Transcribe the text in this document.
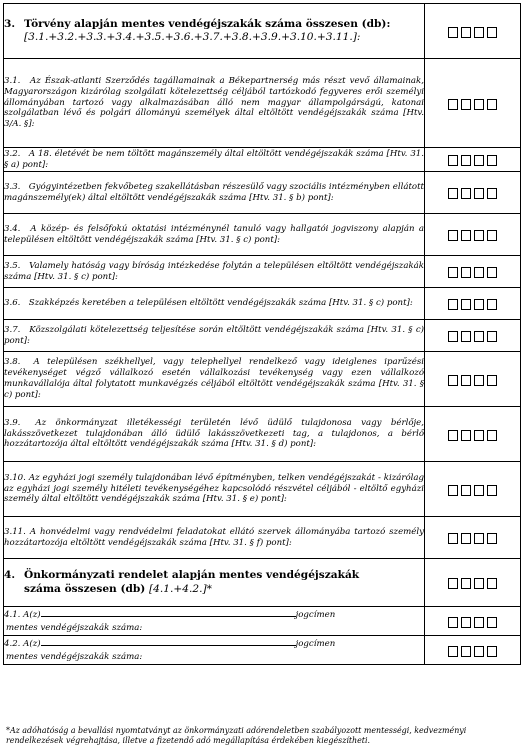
3. Törvény alapján mentes vendégéjszakák száma összesen (db):
[3.1.+3.2.+3.3.+3.4.+3.5.+3.6.+3.7.+3.8.+3.9.+3.10.+3.11.]:	

3.1. Az Észak-atlanti Szerződés tagállamainak a Békepartnerség más részt vevő államainak, Magyarországon kizárólag szolgálati kötelezettség céljából tartózkodó fegyveres erői személyi állományában tartozó vagy alkalmazásában álló nem magyar állampolgárságú, katonai szolgálatban lévő és polgári állományú személyek által eltöltött vendégéjszakák száma [Htv. 3/A. §]:	

3.2. A 18. életévét be nem töltött magánszemély által eltöltött vendégéjszakák száma [Htv. 31. § a) pont]:	

3.3. Gyógyintézetben fekvőbeteg szakellátásban részesülő vagy szociális intézményben ellátott magánszemély(ek) által eltöltött vendégéjszakák száma [Htv. 31. § b) pont]:	

3.4. A közép- és felsőfokú oktatási intézménynél tanuló vagy hallgatói jogviszony alapján a településen eltöltött vendégéjszakák száma [Htv. 31. § c) pont]:	

3.5. Valamely hatóság vagy bíróság intézkedése folytán a településen eltöltött vendégéjszakák száma [Htv. 31. § c) pont]:	

3.6. Szakképzés keretében a településen eltöltött vendégéjszakák száma [Htv. 31. § c) pont]:	

3.7. Közszolgálati kötelezettség teljesítése során eltöltött vendégéjszakák száma [Htv. 31. § c) pont]:	

3.8. A településen székhellyel, vagy telephellyel rendelkező vagy ideiglenes iparűzési tevékenységet végző vállalkozó esetén vállalkozási tevékenység vagy ezen vállalkozó munkavállalója által folytatott munkavégzés céljából eltöltött vendégéjszakák száma [Htv. 31. § c) pont]:	

3.9. Az önkormányzat illetékességi területén lévő üdülő tulajdonosa vagy bérlője, lakásszövetkezet tulajdonában álló üdülő lakásszövetkezeti tag, a tulajdonos, a bérlő hozzátartozója által eltöltött vendégéjszakák száma [Htv. 31. § d) pont]:	

3.10. Az egyházi jogi személy tulajdonában lévő építményben, telken vendégéjszakát - kizárólag az egyházi jogi személy hitéleti tevékenységéhez kapcsolódó részvétel céljából - eltöltő egyházi személy által eltöltött vendégéjszakák száma [Htv. 31. § e) pont]:	

3.11. A honvédelmi vagy rendvédelmi feladatokat ellátó szervek állományába tartozó személy hozzátartozója eltöltött vendégéjszakák száma [Htv. 31. § f) pont]:	

4. Önkormányzati rendelet alapján mentes vendégéjszakák
száma összesen (db) [4.1.+4.2.]*	

4.1. A(z) jogcímen
mentes vendégéjszakák száma:	

4.2. A(z) jogcímen
mentes vendégéjszakák száma:	

*Az adóhatóság a bevallási nyomtatványt az önkormányzati adórendeletben szabályozott mentességi, kedvezményi rendelkezések végrehajtása, illetve a fizetendő adó megállapítása érdekében kiegészítheti.
